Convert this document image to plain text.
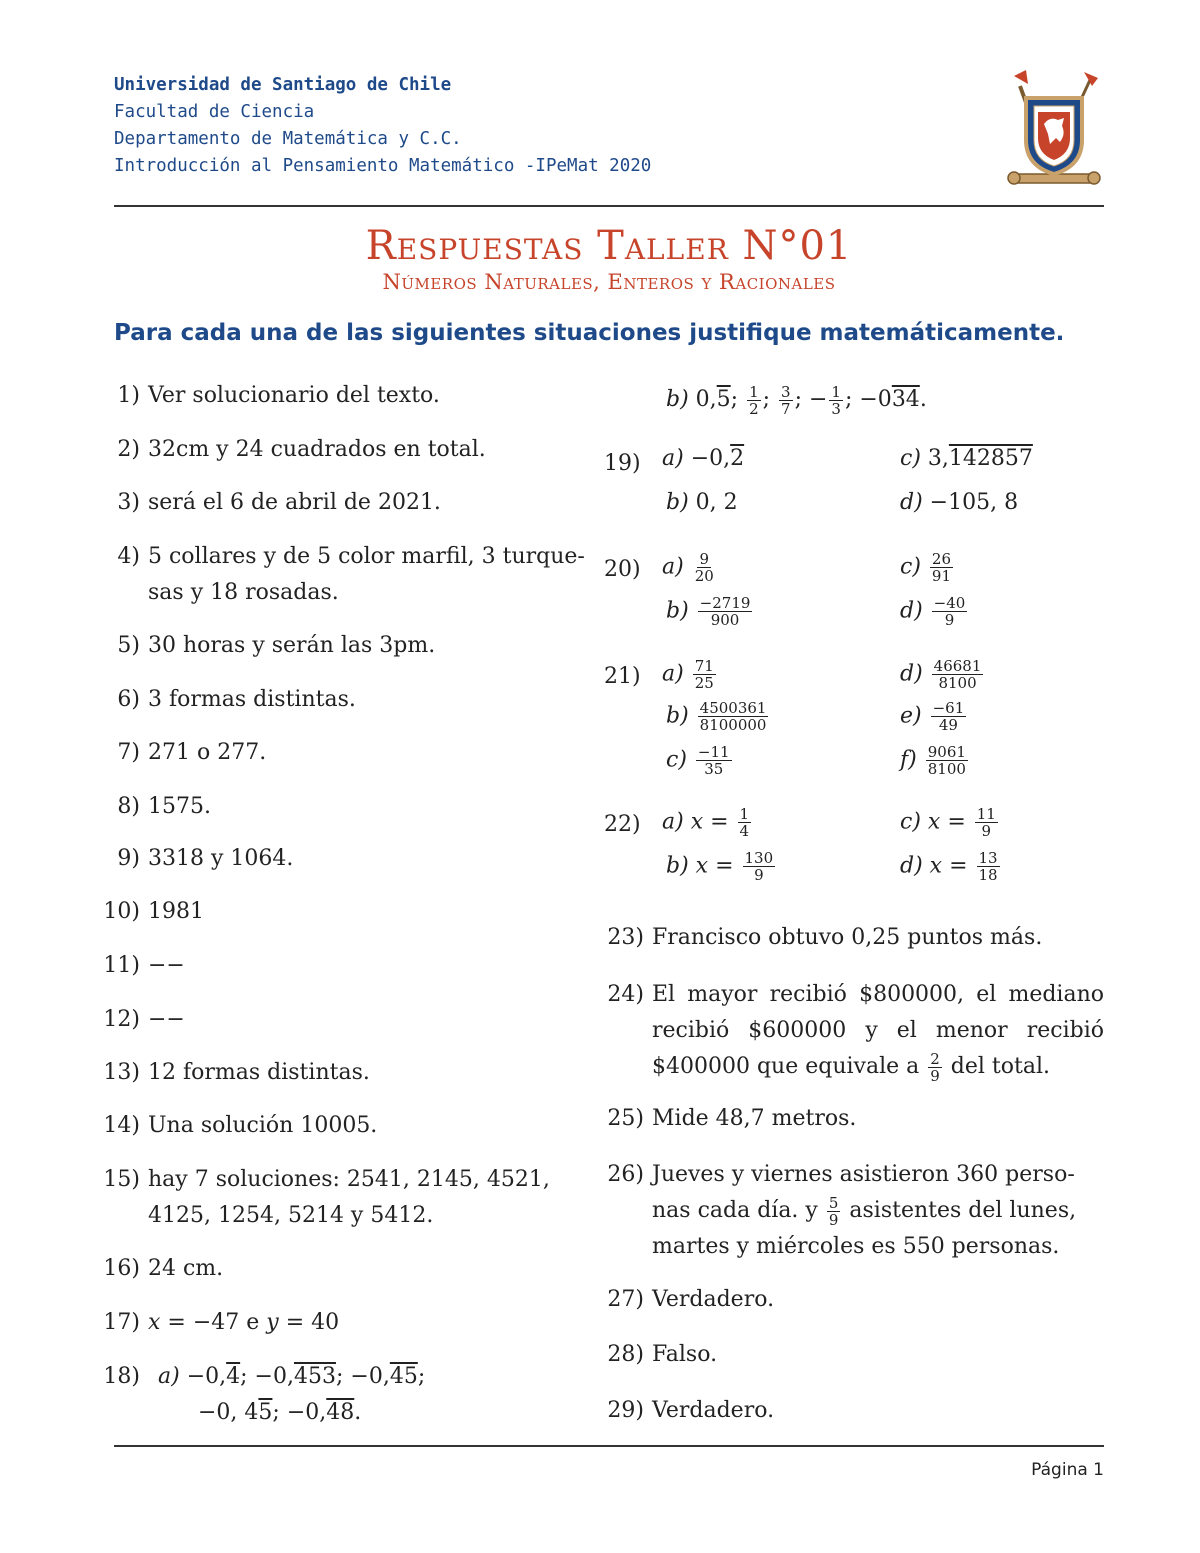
Universidad de Santiago de Chile
Facultad de Ciencia
Departamento de Matemática y C.C.
Introducción al Pensamiento Matemático -IPeMat 2020
Respuestas Taller N°01
Números Naturales, Enteros y Racionales
Para cada una de las siguientes situaciones justifique matemáticamente.
1) Ver solucionario del texto.
2) 32cm y 24 cuadrados en total.
3) será el 6 de abril de 2021.
4) 5 collares y de 5 color marfil, 3 turque-
sas y 18 rosadas.
5) 30 horas y serán las 3pm.
6) 3 formas distintas.
7) 271 o 277.
8) 1575.
9) 3318 y 1064.
10) 1981
11) −−
12) −−
13) 12 formas distintas.
14) Una solución 10005.
15) hay 7 soluciones: 2541, 2145, 4521,
4125, 1254, 5214 y 5412.
16) 24 cm.
17) x = −47 e y = 40
18) a) −0,4; −0,453; −0,45;
−0, 45; −0,48.
b) 0,5; $\frac{1}{2}$ ; $\frac{3}{7}$ ; − $\frac{1}{3}$ ; −034.
19) a) −0,2	c) 3,142857
b) 0, 2	d) −105, 8
20) $a) \frac{9}{20}$	$c) \frac{26}{91}$
$b) \frac{-2719}{900}$	$d) \frac{-40}{9}$
21) $a) \frac{71}{25}$	$d) \frac{46681}{8100}$
$b) \frac{4500361}{8100000}$	$e) \frac{-61}{49}$
$c) \frac{-11}{35}$	$f) \frac{9061}{8100}$
22) a) $x = \frac{1}{4}$	c) $x = \frac{11}{9}$
b) $x = \frac{130}{9}$	d) $x = \frac{13}{18}$
23) Francisco obtuvo 0,25 puntos más.
24) El mayor recibió $800000, el mediano
recibió $600000 y el menor recibió
$400000 que equivale a $\frac{2}{9}$ del total.
25) Mide 48,7 metros.
26) Jueves y viernes asistieron 360 perso-
nas cada día. y $\frac{5}{9}$ asistentes del lunes,
martes y miércoles es 550 personas.
27) Verdadero.
28) Falso.
29) Verdadero.
Página 1
